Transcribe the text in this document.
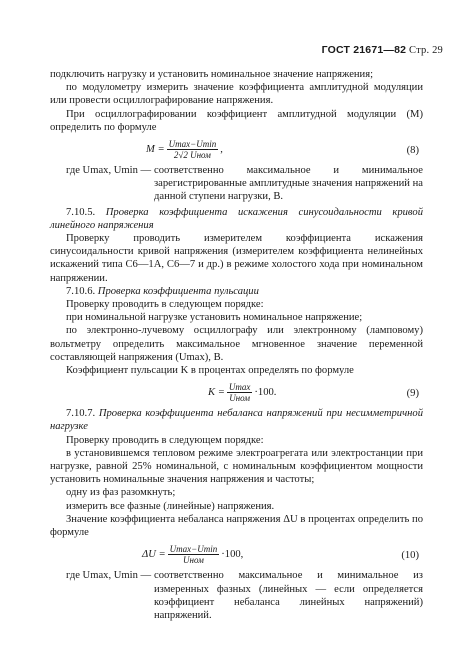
ГОСТ 21671—82 Стр. 29

подключить нагрузку и установить номинальное значение напряжения;

по модулометру измерить значение коэффициента амплитудной модуляции или провести осциллографирование напряжения.

При осциллографировании коэффициент амплитудной модуляции (M) определить по формуле

$M = \frac{Umax-Umin}{\text{2√2 Uном}}$ ,	(8)
где Umax, Umin — соответственно максимальное и минимальное зарегистрированные амплитудные значения напряжений на данной ступени нагрузки, В.

7.10.5. Проверка коэффициента искажения синусоидальности кривой линейного напряжения

Проверку проводить измерителем коэффициента искажения синусоидальности кривой напряжения (измерителем коэффициента нелинейных искажений типа С6—1А, С6—7 и др.) в режиме холостого хода при номинальном напряжении.

7.10.6. Проверка коэффициента пульсации

Проверку проводить в следующем порядке:

при номинальной нагрузке установить номинальное напряжение;

по электронно-лучевому осциллографу или электронному (ламповому) вольтметру определить максимальное мгновенное значение переменной составляющей напряжения (Umax), В.

Коэффициент пульсации K в процентах определять по формуле

$K = \frac{Umax}{\text{Uном}} \cdot 100$.	(9)

7.10.7. Проверка коэффициента небаланса напряжений при несимметричной нагрузке

Проверку проводить в следующем порядке:

в установившемся тепловом режиме электроагрегата или электростанции при нагрузке, равной 25% номинальной, с номинальным коэффициентом мощности установить номинальные значения напряжения и частоты;

одну из фаз разомкнуть;

измерить все фазные (линейные) напряжения.

Значение коэффициента небаланса напряжения ΔU в процентах определить по формуле

$\Delta U = \frac{Umax-Umin}{\text{Uном}} \cdot 100$,	(10)
где Umax, Umin — соответственно максимальное и минимальное из измеренных фазных (линейных — если определяется коэффициент небаланса линейных напряжений) напряжений.
